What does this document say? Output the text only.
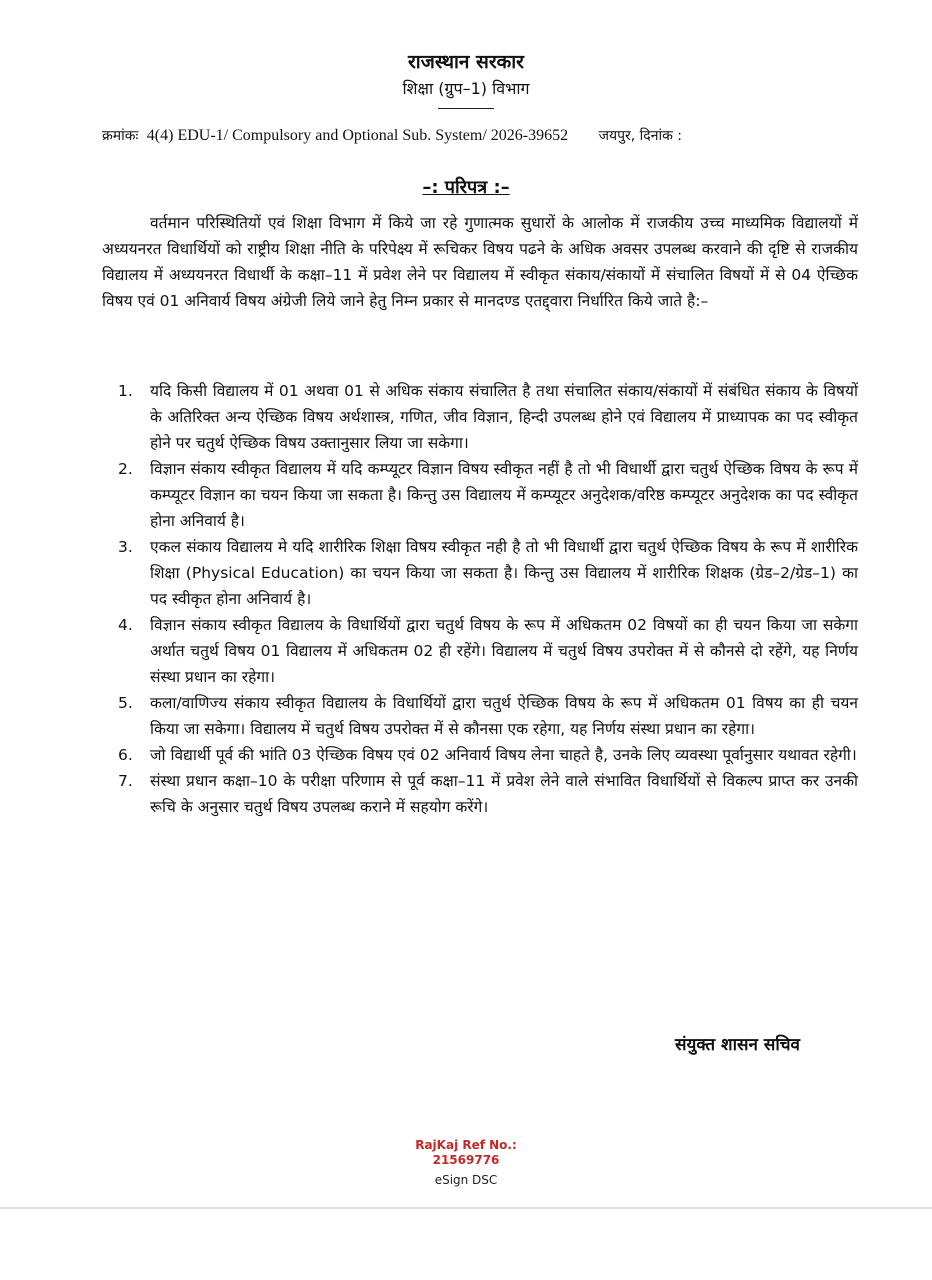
राजस्थान सरकार
शिक्षा (ग्रुप–1) विभाग
क्रमांकः 4(4) EDU-1/ Compulsory and Optional Sub. System/ 2026-39652 जयपुर, दिनांक :
–: परिपत्र :–
वर्तमान परिस्थितियों एवं शिक्षा विभाग में किये जा रहे गुणात्मक सुधारों के आलोक में राजकीय उच्च माध्यमिक विद्यालयों में अध्ययनरत विधार्थियों को राष्ट्रीय शिक्षा नीति के परिपेक्ष्य में रूचिकर विषय पढने के अधिक अवसर उपलब्ध करवाने की दृष्टि से राजकीय विद्यालय में अध्ययनरत विधार्थी के कक्षा–11 में प्रवेश लेने पर विद्यालय में स्वीकृत संकाय/संकायों में संचालित विषयों में से 04 ऐच्छिक विषय एवं 01 अनिवार्य विषय अंग्रेजी लिये जाने हेतु निम्न प्रकार से मानदण्ड एतद्द्वारा निर्धारित किये जाते है:–
1.	यदि किसी विद्यालय में 01 अथवा 01 से अधिक संकाय संचालित है तथा संचालित संकाय/संकायों में संबंधित संकाय के विषयों के अतिरिक्त अन्य ऐच्छिक विषय अर्थशास्त्र, गणित, जीव विज्ञान, हिन्दी उपलब्ध होने एवं विद्यालय में प्राध्यापक का पद स्वीकृत होने पर चतुर्थ ऐच्छिक विषय उक्तानुसार लिया जा सकेगा।
2.	विज्ञान संकाय स्वीकृत विद्यालय में यदि कम्प्यूटर विज्ञान विषय स्वीकृत नहीं है तो भी विधार्थी द्वारा चतुर्थ ऐच्छिक विषय के रूप में कम्प्यूटर विज्ञान का चयन किया जा सकता है। किन्तु उस विद्यालय में कम्प्यूटर अनुदेशक/वरिष्ठ कम्प्यूटर अनुदेशक का पद स्वीकृत होना अनिवार्य है।
3.	एकल संकाय विद्यालय मे यदि शारीरिक शिक्षा विषय स्वीकृत नही है तो भी विधार्थी द्वारा चतुर्थ ऐच्छिक विषय के रूप में शारीरिक शिक्षा (Physical Education) का चयन किया जा सकता है। किन्तु उस विद्यालय में शारीरिक शिक्षक (ग्रेड–2/ग्रेड–1) का पद स्वीकृत होना अनिवार्य है।
4.	विज्ञान संकाय स्वीकृत विद्यालय के विधार्थियों द्वारा चतुर्थ विषय के रूप में अधिकतम 02 विषयों का ही चयन किया जा सकेगा अर्थात चतुर्थ विषय 01 विद्यालय में अधिकतम 02 ही रहेंगे। विद्यालय में चतुर्थ विषय उपरोक्त में से कौनसे दो रहेंगे, यह निर्णय संस्था प्रधान का रहेगा।
5.	कला/वाणिज्य संकाय स्वीकृत विद्यालय के विधार्थियों द्वारा चतुर्थ ऐच्छिक विषय के रूप में अधिकतम 01 विषय का ही चयन किया जा सकेगा। विद्यालय में चतुर्थ विषय उपरोक्त में से कौनसा एक रहेगा, यह निर्णय संस्था प्रधान का रहेगा।
6.	जो विद्यार्थी पूर्व की भांति 03 ऐच्छिक विषय एवं 02 अनिवार्य विषय लेना चाहते है, उनके लिए व्यवस्था पूर्वानुसार यथावत रहेगी।
7.	संस्था प्रधान कक्षा–10 के परीक्षा परिणाम से पूर्व कक्षा–11 में प्रवेश लेने वाले संभावित विधार्थियों से विकल्प प्राप्त कर उनकी रूचि के अनुसार चतुर्थ विषय उपलब्ध कराने में सहयोग करेंगे।
संयुक्त शासन सचिव
RajKaj Ref No.:
21569776
eSign DSC
